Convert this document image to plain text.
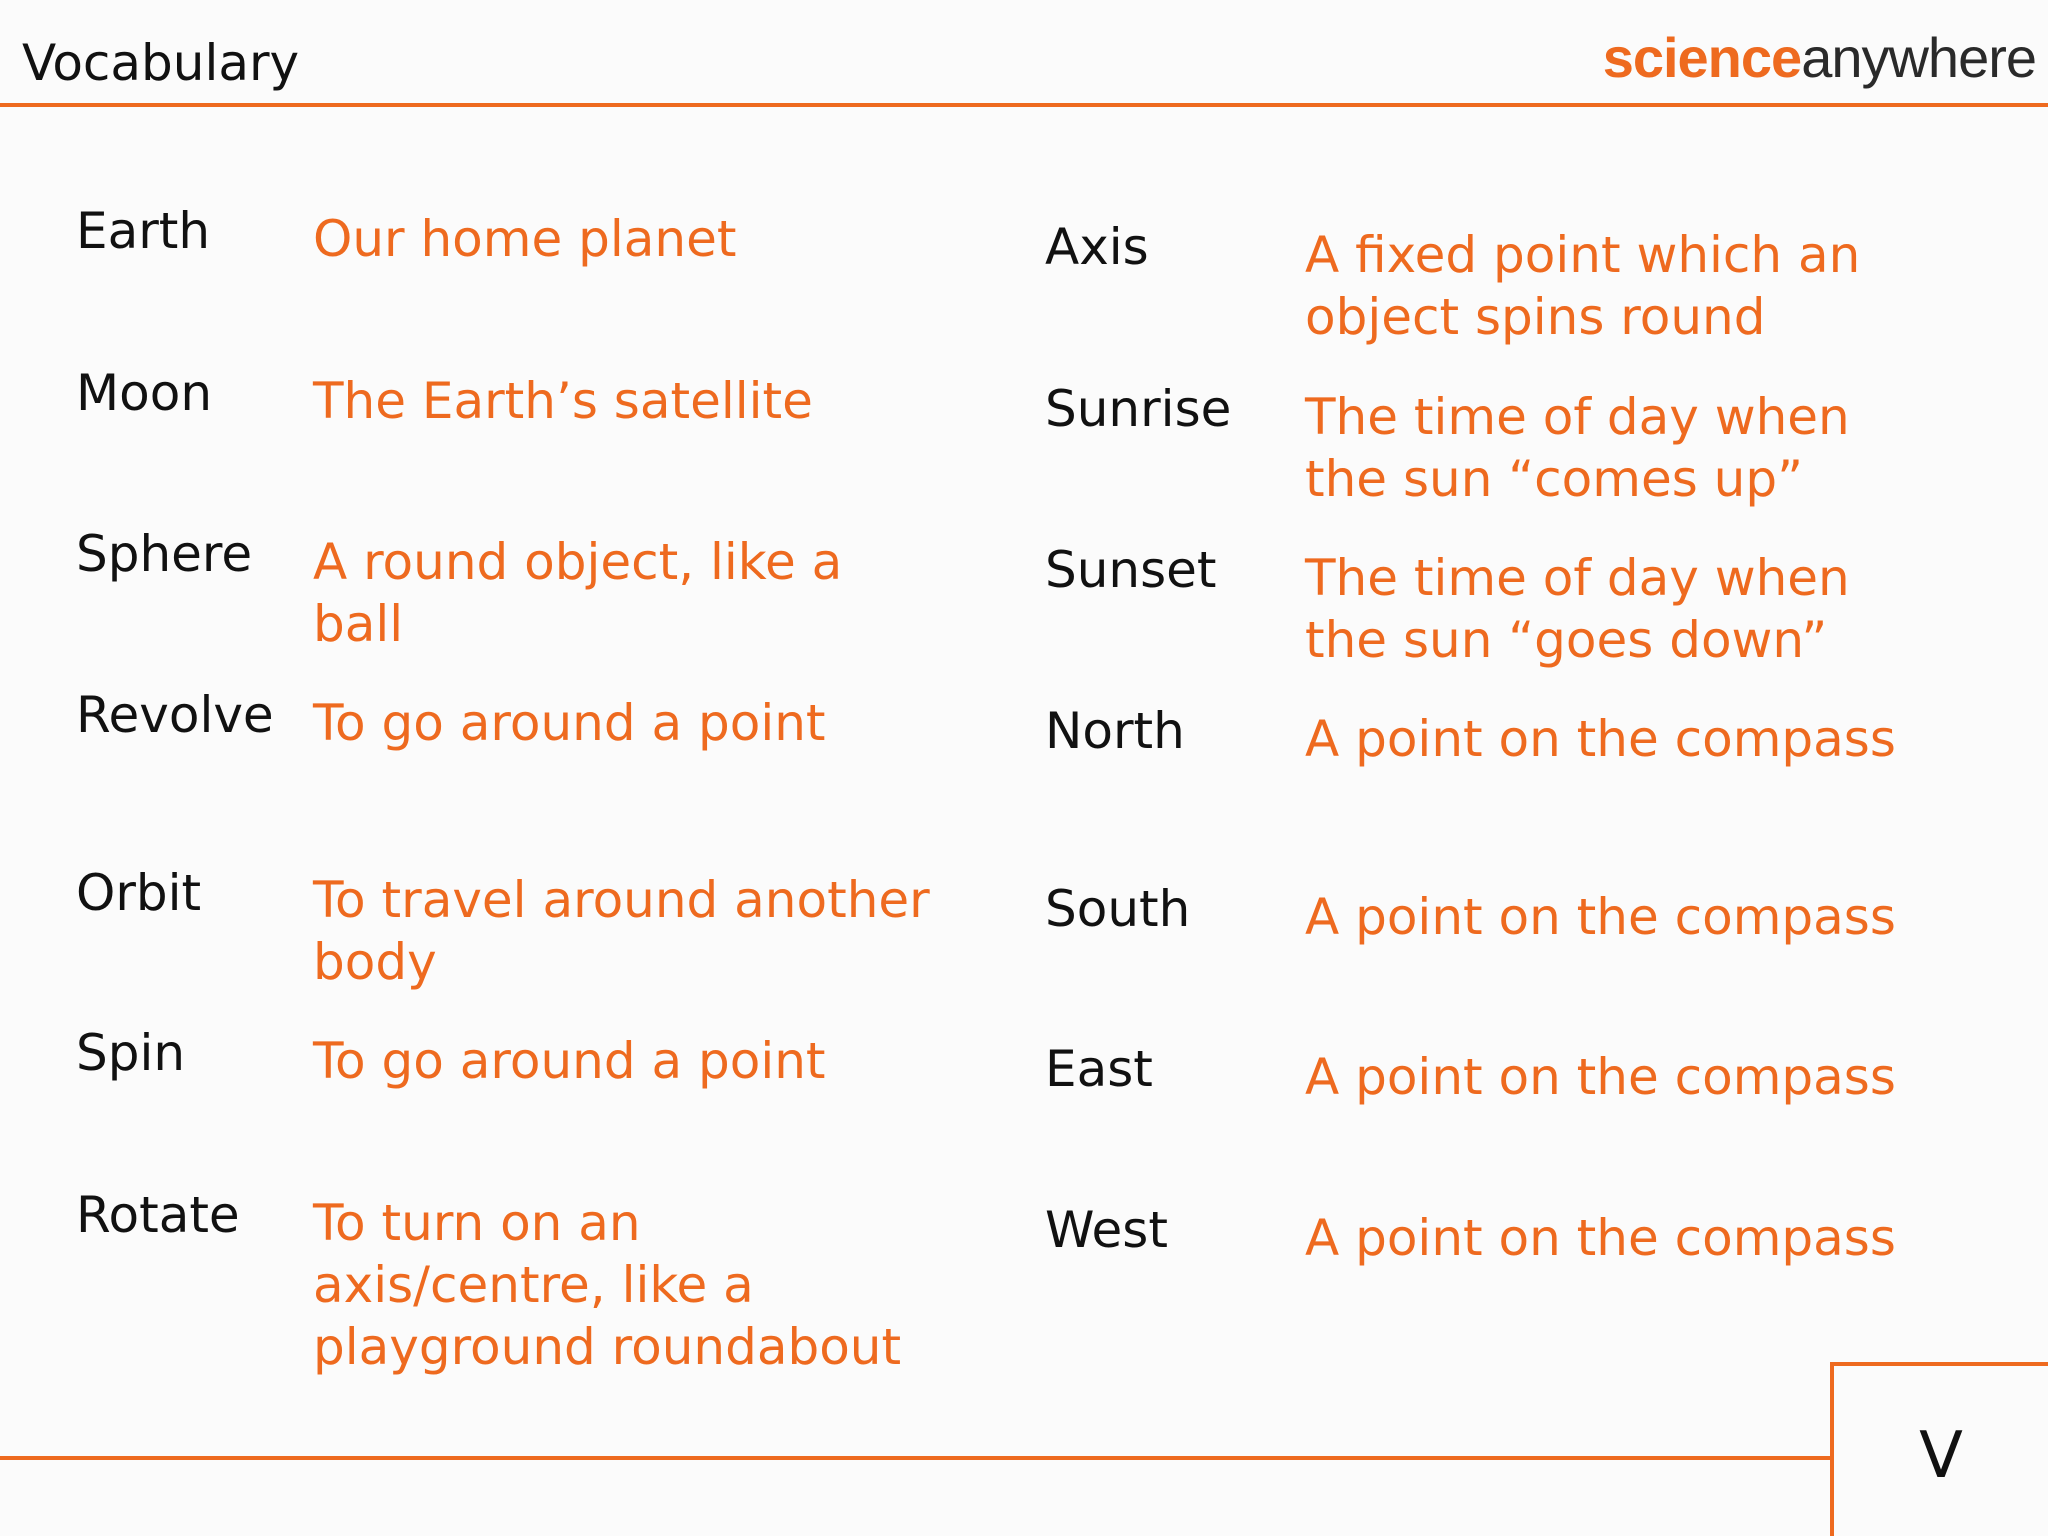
Vocabulary	science anywhere
Earth Our home planet
Moon The Earth’s satellite
Sphere A round object, like a
ball
Revolve To go around a point
Orbit To travel around another
body
Spin	To go around a point
Rotate To turn on an
axis/centre, like a
playground roundabout
Axis	A fixed point which an
object spins round
Sunrise The time of day when
the sun “comes up”
Sunset The time of day when
the sun “goes down”
North A point on the compass
South A point on the compass
East	A point on the compass
West	A point on the compass
V
